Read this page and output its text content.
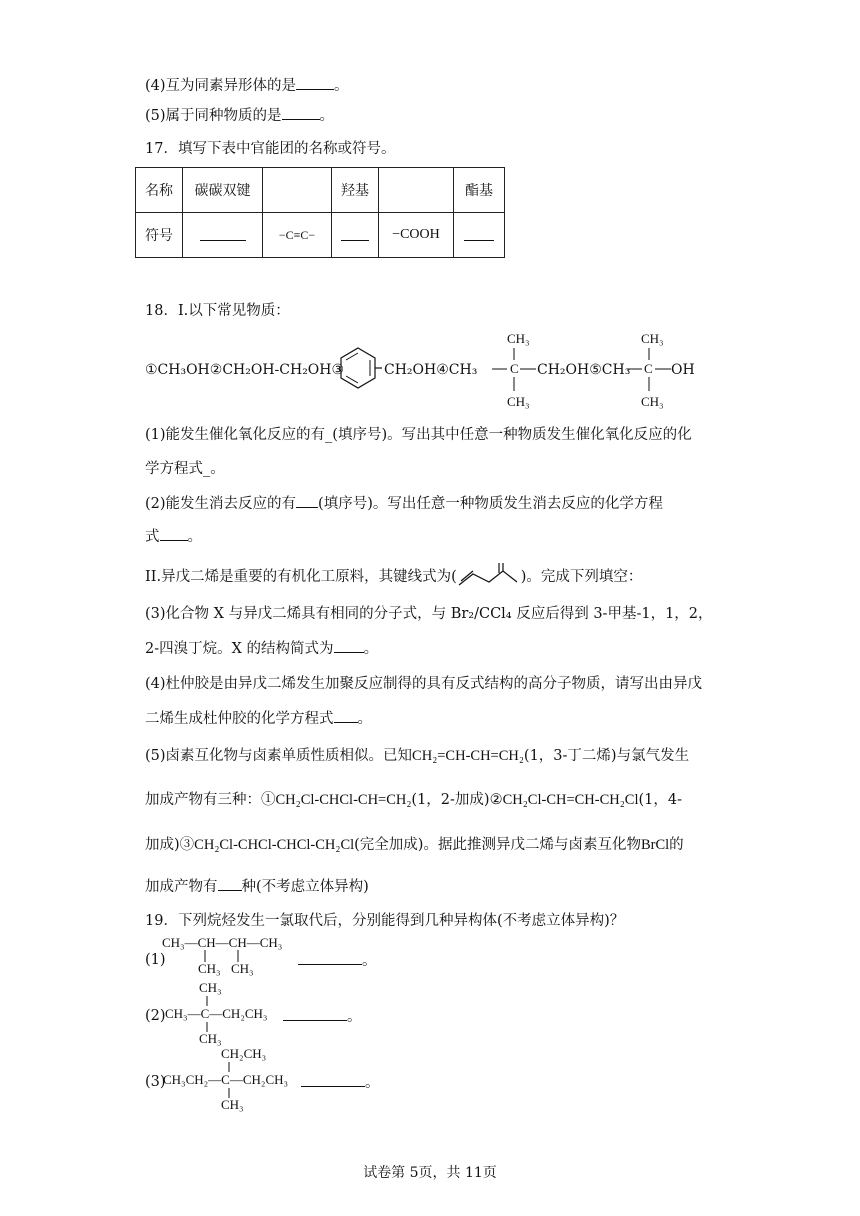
(4)互为同素异形体的是	。
(5)属于同种物质的是	。
17．填写下表中官能团的名称或符号。
名称	碳碳双键		羟基		酯基
符号		−C≡C−		−COOH	
18．I.以下常见物质：
①CH₃OH②CH₂OH-CH₂OH③	CH₂OH④CH₃
CH₃
C
CH₃
CH₂OH⑤CH₃
CH₃
C
CH₃
OH
(1)能发生催化氧化反应的有_(填序号)。写出其中任意一种物质发生催化氧化反应的化
学方程式_。
(2)能发生消去反应的有 (填序号)。写出任意一种物质发生消去反应的化学方程
式 。
II.异戊二烯是重要的有机化工原料，其键线式为(	)。完成下列填空：
(3)化合物 X 与异戊二烯具有相同的分子式，与 Br₂/CCl₄ 反应后得到 3-甲基-1，1，2，
2-四溴丁烷。X 的结构简式为 。
(4)杜仲胶是由异戊二烯发生加聚反应制得的具有反式结构的高分子物质，请写出由异戊
二烯生成杜仲胶的化学方程式 。
(5)卤素互化物与卤素单质性质相似。已知CH₂=CH-CH=CH₂(1，3-丁二烯)与氯气发生
加成产物有三种：①CH₂Cl-CHCl-CH=CH₂(1，2-加成)②CH₂Cl-CH=CH-CH₂Cl(1，4-
加成)③CH₂Cl-CHCl-CHCl-CH₂Cl(完全加成)。据此推测异戊二烯与卤素互化物BrCl的
加成产物有 种(不考虑立体异构)
19．下列烷烃发生一氯取代后，分别能得到几种异构体(不考虑立体异构)？
(1)
CH₃—CH—CH—CH₃
CH₃ CH₃	。
CH₃
(2) CH₃—C—CH₂CH₃
CH₃
。
CH₂CH₃
(3)
CH₃CH₂—C—CH₂CH₃
CH₃
。
试卷第 5页，共 11页
